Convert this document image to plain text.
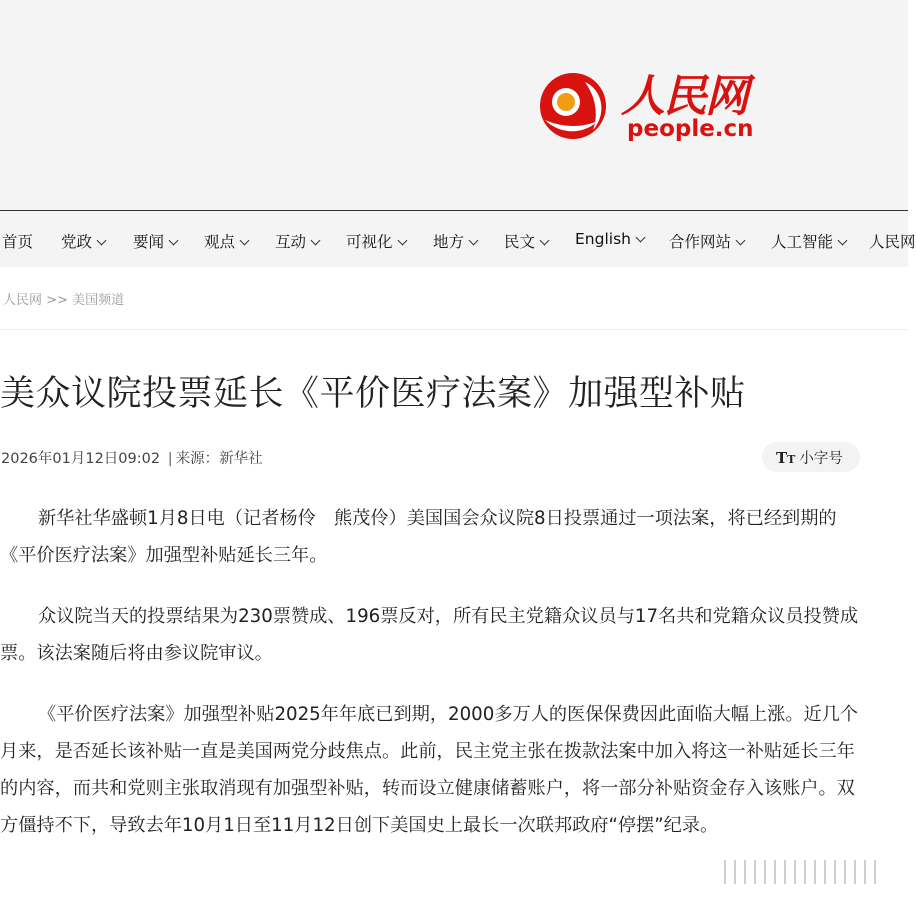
人民网
people.cn
首页 党政	要闻	观点	互动	可视化	地方	民文	English	合作网站	人工智能	人民网
人民网 >> 美国频道
美众议院投票延长《平价医疗法案》加强型补贴
2026年01月12日09:02 | 来源：新华社	TT 小字号

新华社华盛顿1月8日电（记者杨伶　熊茂伶）美国国会众议院8日投票通过一项法案，将已经到期的《平价医疗法案》加强型补贴延长三年。

众议院当天的投票结果为230票赞成、196票反对，所有民主党籍众议员与17名共和党籍众议员投赞成票。该法案随后将由参议院审议。

《平价医疗法案》加强型补贴2025年年底已到期，2000多万人的医保保费因此面临大幅上涨。近几个月来，是否延长该补贴一直是美国两党分歧焦点。此前，民主党主张在拨款法案中加入将这一补贴延长三年的内容，而共和党则主张取消现有加强型补贴，转而设立健康储蓄账户，将一部分补贴资金存入该账户。双方僵持不下，导致去年10月1日至11月12日创下美国史上最长一次联邦政府“停摆”纪录。
